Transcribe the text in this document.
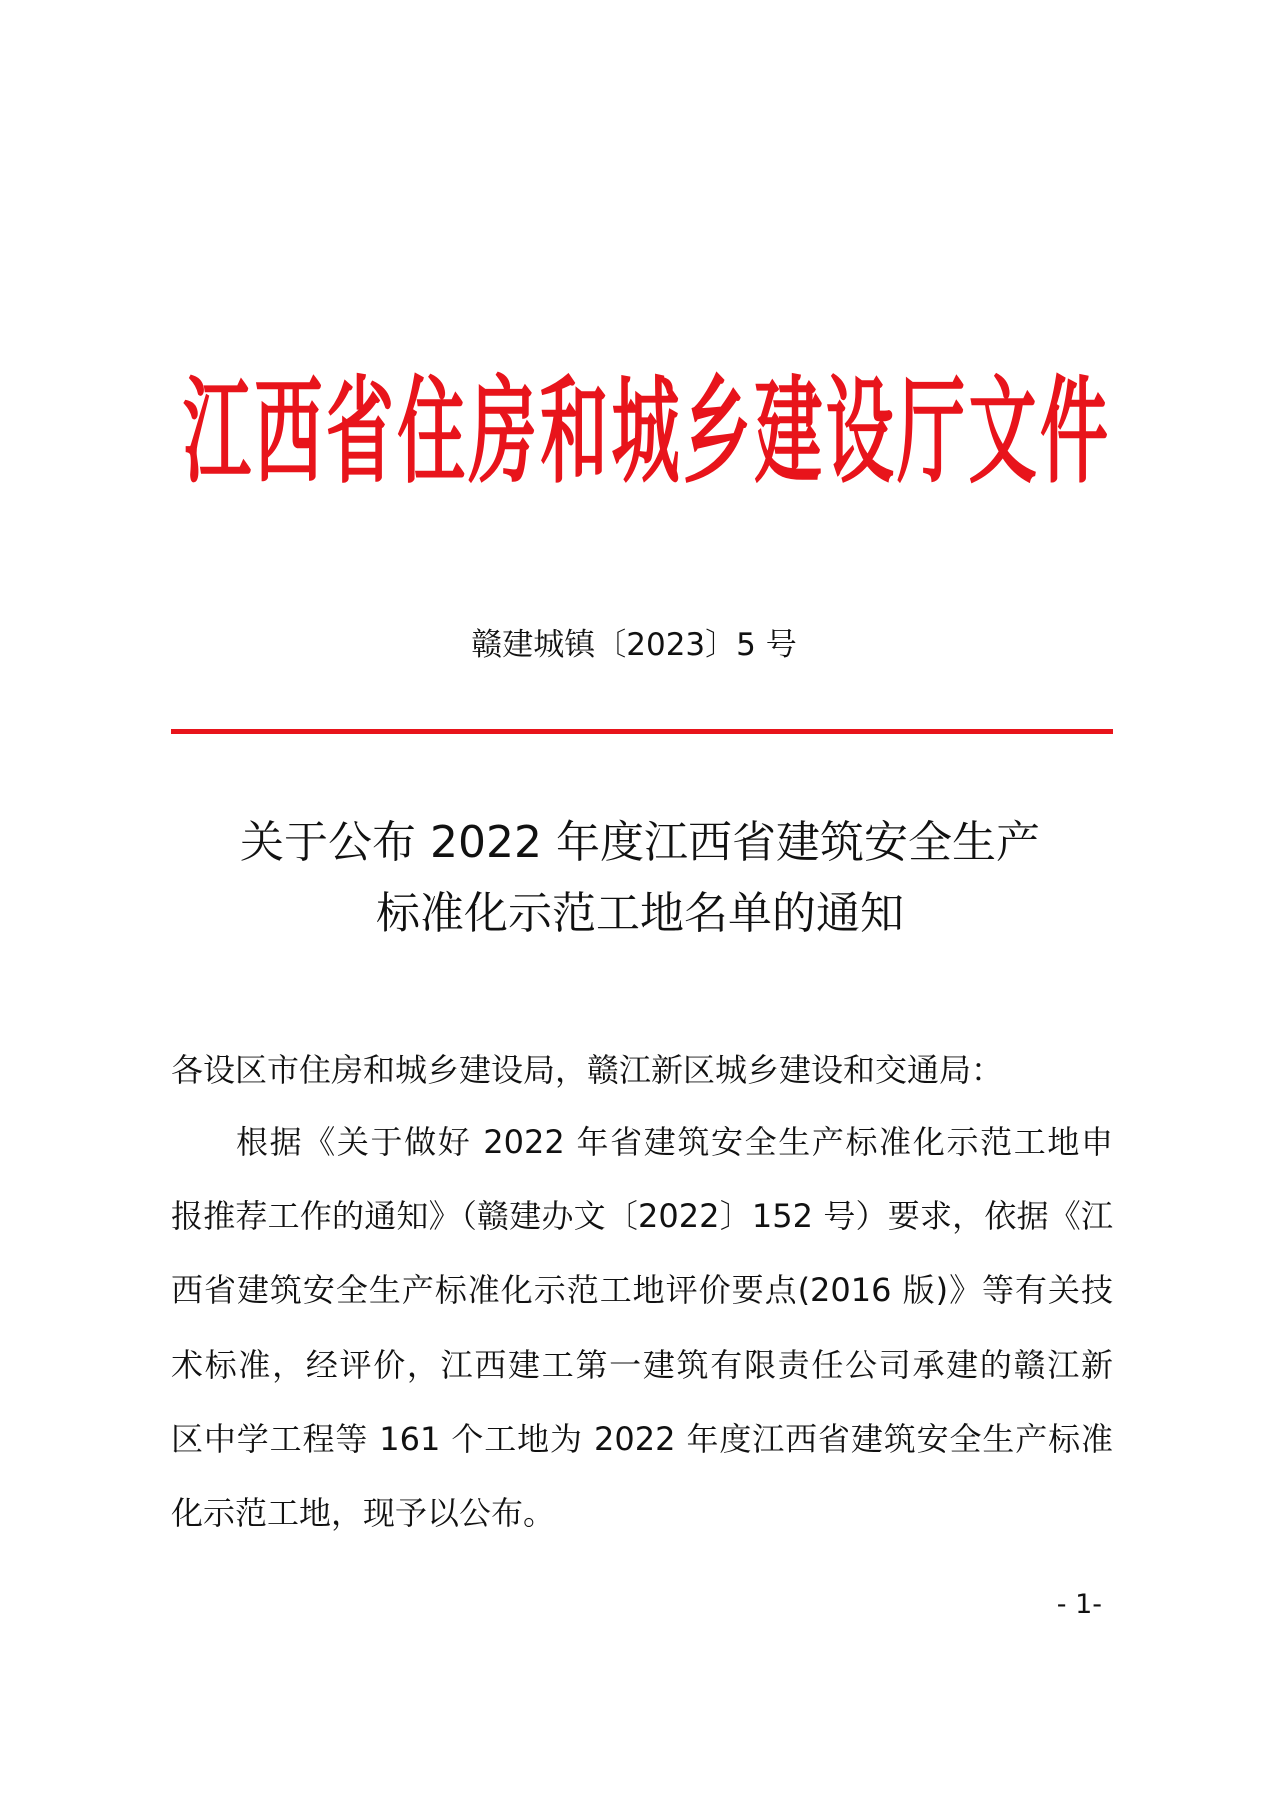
江西省住房和城乡建设厅文件
赣建城镇〔2023〕5 号
关于公布 2022 年度江西省建筑安全生产
标准化示范工地名单的通知
各设区市住房和城乡建设局，赣江新区城乡建设和交通局：
根据《关于做好 2022 年省建筑安全生产标准化示范工地申
报推荐工作的通知》（赣建办文〔2022〕152 号）要求，依据《江
西省建筑安全生产标准化示范工地评价要点(2016 版)》等有关技
术标准，经评价，江西建工第一建筑有限责任公司承建的赣江新
区中学工程等 161 个工地为 2022 年度江西省建筑安全生产标准
化示范工地，现予以公布。
- 1-
